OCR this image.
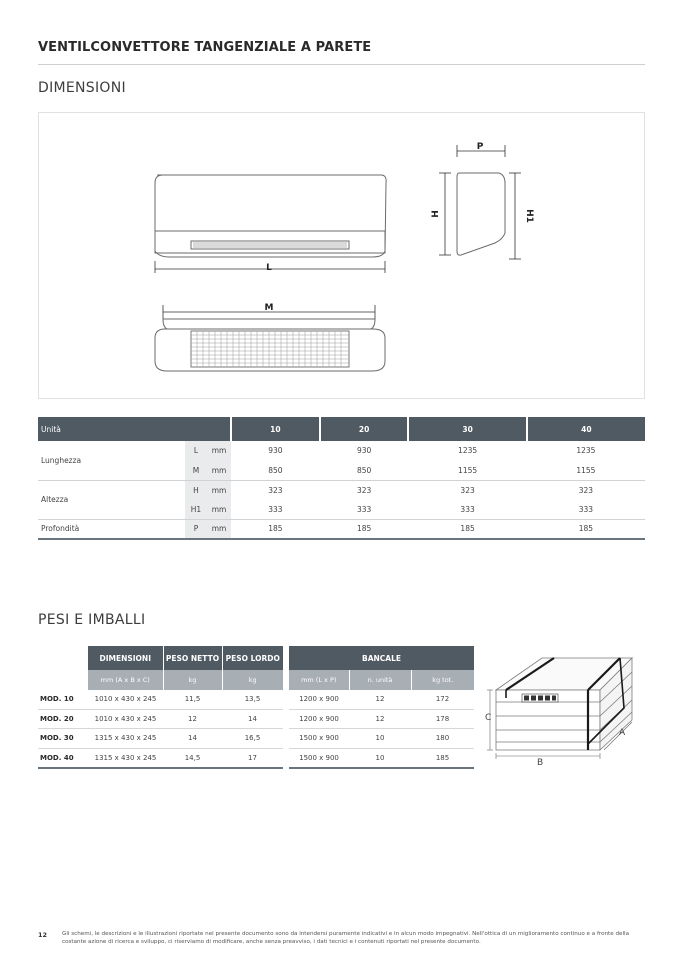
VENTILCONVETTORE TANGENZIALE A PARETE
DIMENSIONI
L
M
P
H	H1
Unità			10	20	30	40
Lunghezza	L	mm	930	930	1235	1235
	M	mm	850	850	1155	1155
Altezza	H	mm	323	323	323	323
	H1	mm	333	333	333	333
Profondità	P	mm	185	185	185	185
PESI E IMBALLI
	DIMENSIONI	PESO NETTO	PESO LORDO		BANCALE		
	mm (A x B x C)	kg	kg		mm (L x P)	n. unità	kg tot.
MOD. 10	1010 x 430 x 245	11,5	13,5		1200 x 900	12	172
MOD. 20	1010 x 430 x 245	12	14		1200 x 900	12	178
MOD. 30	1315 x 430 x 245	14	16,5		1500 x 900	10	180
MOD. 40	1315 x 430 x 245	14,5	17		1500 x 900	10	185
C
B
A
12	Gli schemi, le descrizioni e le illustrazioni riportate nel presente documento sono da intendersi puramente indicativi e in alcun modo impegnativi. Nell'ottica di un miglioramento continuo e a fronte della costante azione di ricerca e sviluppo, ci riserviamo di modificare, anche senza preavviso, i dati tecnici e i contenuti riportati nel presente documento.
